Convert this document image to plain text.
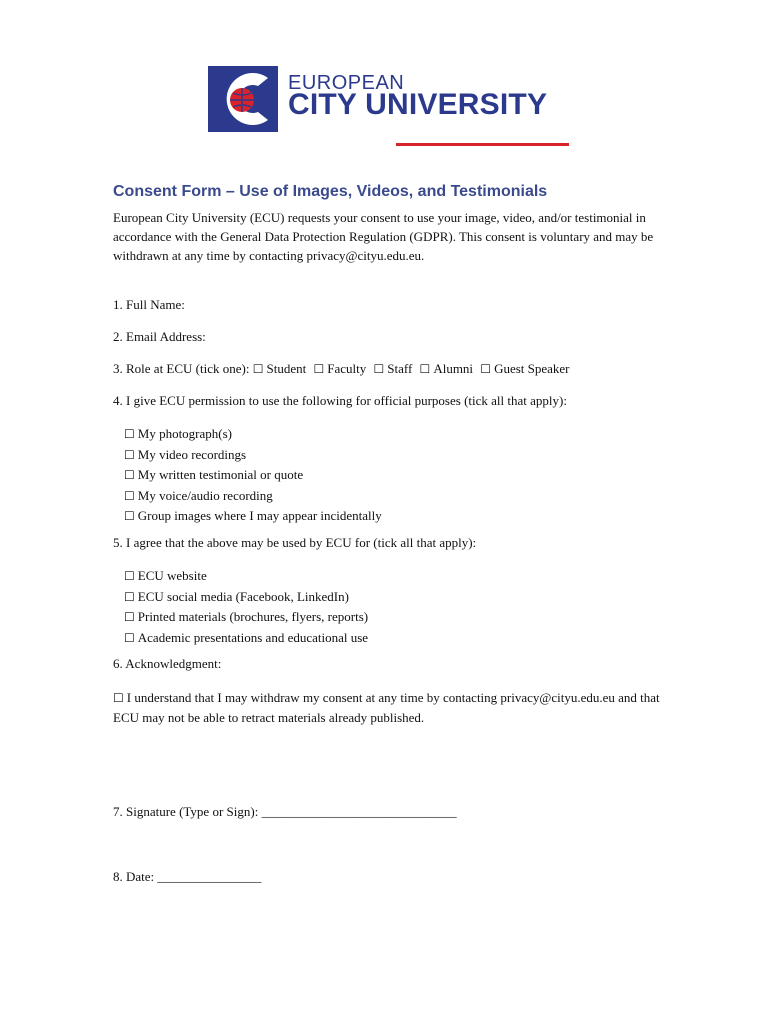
EUROPEAN
CITY UNIVERSITY
Consent Form – Use of Images, Videos, and Testimonials
European City University (ECU) requests your consent to use your image, video, and/or testimonial in accordance with the General Data Protection Regulation (GDPR). This consent is voluntary and may be withdrawn at any time by contacting privacy@cityu.edu.eu.
1. Full Name:
2. Email Address:
3. Role at ECU (tick one): ☐ Student ☐ Faculty ☐ Staff ☐ Alumni ☐ Guest Speaker
4. I give ECU permission to use the following for official purposes (tick all that apply):
☐ My photograph(s)
☐ My video recordings
☐ My written testimonial or quote
☐ My voice/audio recording
☐ Group images where I may appear incidentally
5. I agree that the above may be used by ECU for (tick all that apply):
☐ ECU website
☐ ECU social media (Facebook, LinkedIn)
☐ Printed materials (brochures, flyers, reports)
☐ Academic presentations and educational use
6. Acknowledgment:
☐ I understand that I may withdraw my consent at any time by contacting privacy@cityu.edu.eu and that ECU may not be able to retract materials already published.
7. Signature (Type or Sign): ______________________________
8. Date: ________________
